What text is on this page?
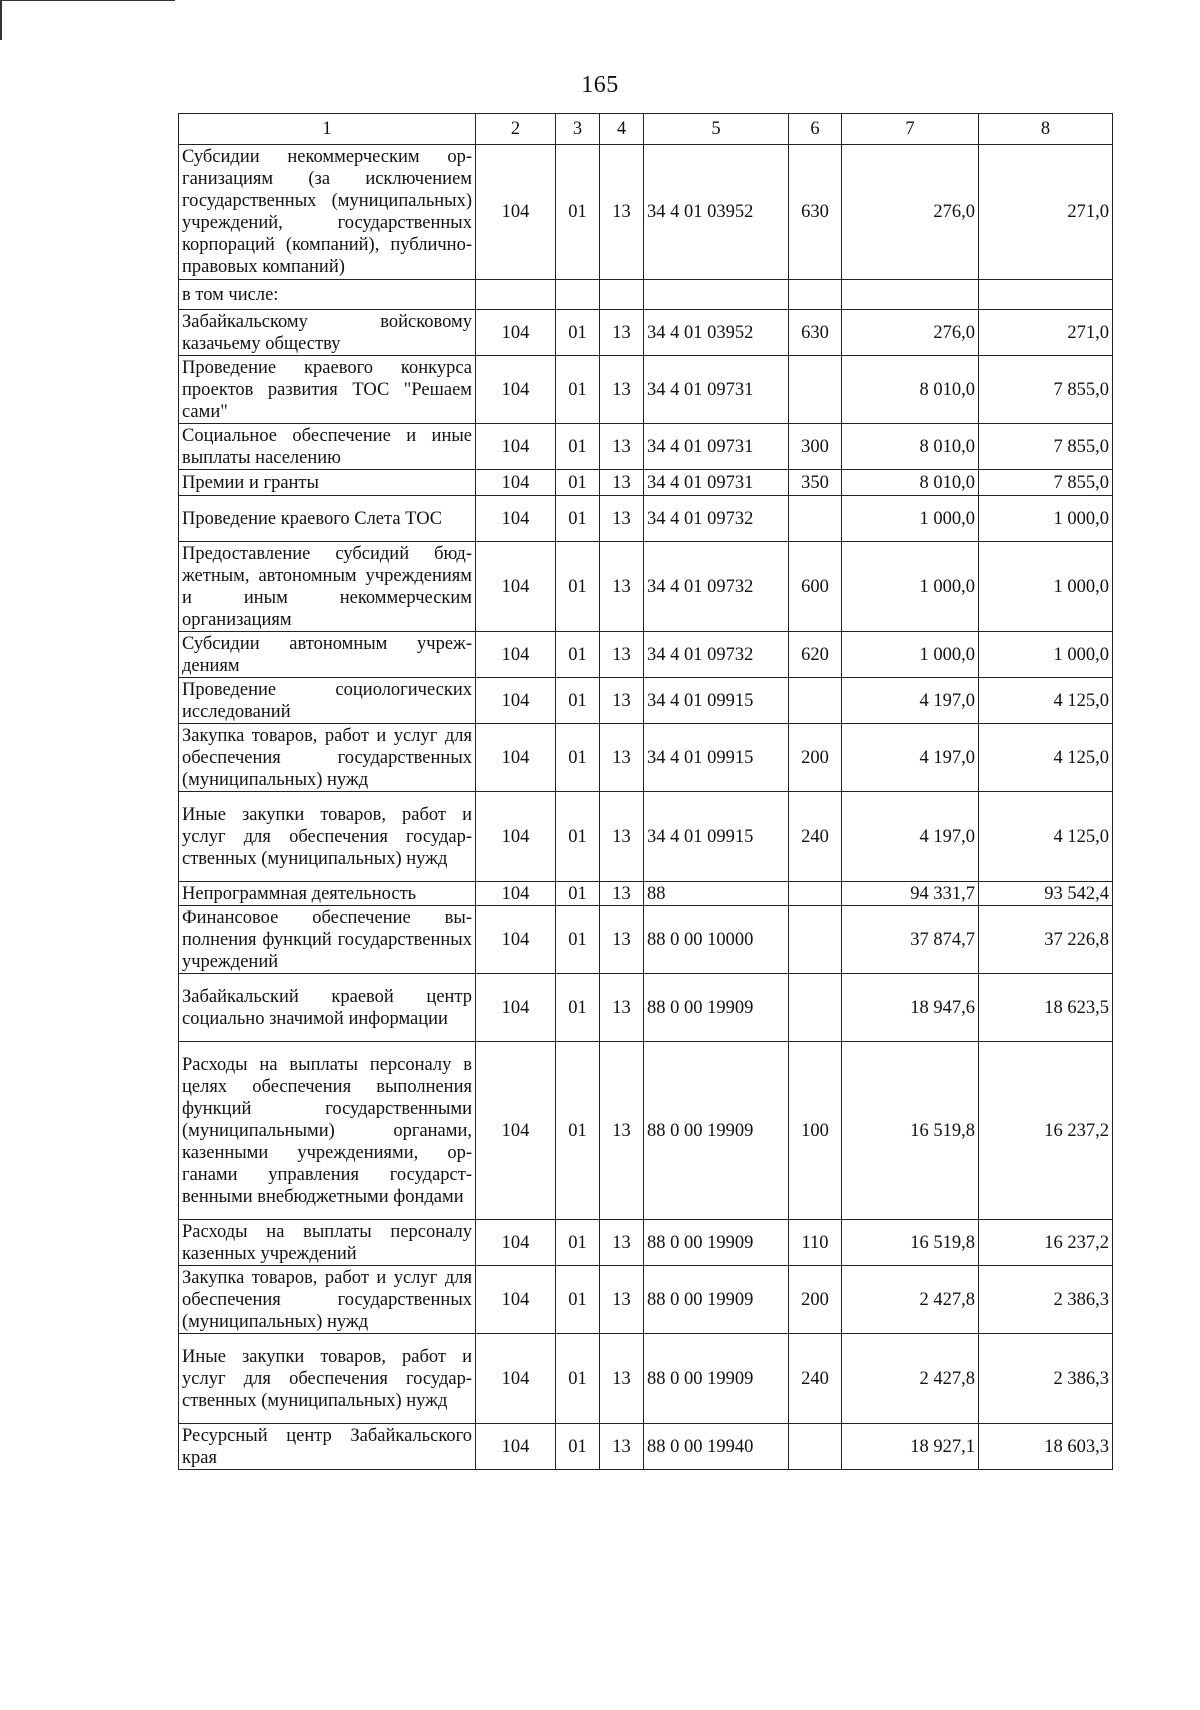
165
1	2	3	4	5	6	7	8
Субсидии некоммерческим организациям (за исключением государственных (муниципальных) учреждений, государственных корпораций (компаний), публично-правовых компаний)	104	01	13	34 4 01 03952	630	276,0	271,0
в том числе:							
Забайкальскому войсковому казачьему обществу	104	01	13	34 4 01 03952	630	276,0	271,0
Проведение краевого конкурса проектов развития ТОС "Решаем сами"	104	01	13	34 4 01 09731		8 010,0	7 855,0
Социальное обеспечение и иные выплаты населению	104	01	13	34 4 01 09731	300	8 010,0	7 855,0
Премии и гранты	104	01	13	34 4 01 09731	350	8 010,0	7 855,0
Проведение краевого Слета ТОС	104	01	13	34 4 01 09732		1 000,0	1 000,0
Предоставление субсидий бюджетным, автономным учреждениям и иным некоммерческим организациям	104	01	13	34 4 01 09732	600	1 000,0	1 000,0
Субсидии автономным учреждениям	104	01	13	34 4 01 09732	620	1 000,0	1 000,0
Проведение социологических исследований	104	01	13	34 4 01 09915		4 197,0	4 125,0
Закупка товаров, работ и услуг для обеспечения государственных (муниципальных) нужд	104	01	13	34 4 01 09915	200	4 197,0	4 125,0
Иные закупки товаров, работ и услуг для обеспечения государственных (муниципальных) нужд	104	01	13	34 4 01 09915	240	4 197,0	4 125,0
Непрограммная деятельность	104	01	13	88		94 331,7	93 542,4
Финансовое обеспечение выполнения функций государственных учреждений	104	01	13	88 0 00 10000		37 874,7	37 226,8
Забайкальский краевой центр социально значимой информации	104	01	13	88 0 00 19909		18 947,6	18 623,5
Расходы на выплаты персоналу в целях обеспечения выполнения функций государственными (муниципальными) органами, казенными учреждениями, органами управления государственными внебюджетными фондами	104	01	13	88 0 00 19909	100	16 519,8	16 237,2
Расходы на выплаты персоналу казенных учреждений	104	01	13	88 0 00 19909	110	16 519,8	16 237,2
Закупка товаров, работ и услуг для обеспечения государственных (муниципальных) нужд	104	01	13	88 0 00 19909	200	2 427,8	2 386,3
Иные закупки товаров, работ и услуг для обеспечения государственных (муниципальных) нужд	104	01	13	88 0 00 19909	240	2 427,8	2 386,3
Ресурсный центр Забайкальского края	104	01	13	88 0 00 19940		18 927,1	18 603,3
